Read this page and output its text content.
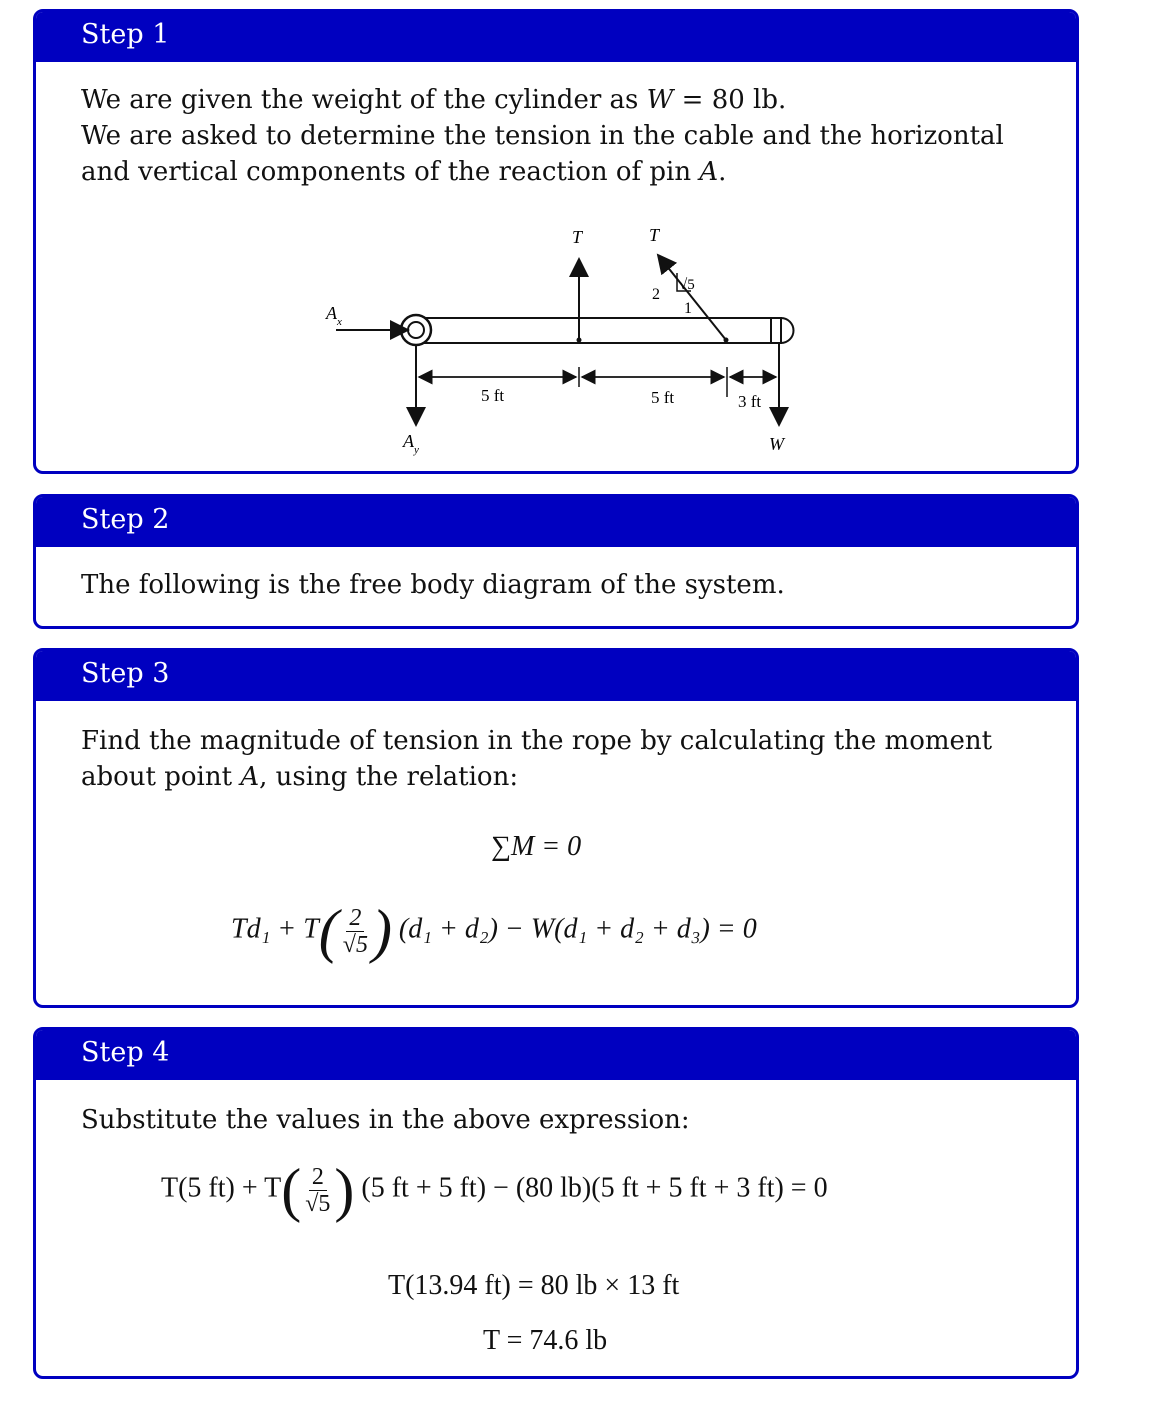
Step 1

We are given the weight of the cylinder as W = 80 lb.

We are asked to determine the tension in the cable and the horizontal and vertical components of the reaction of pin A.

$A_x$
$A_y$
T	T
√5
2
1
W
5 ft	5 ft	3 ft
Step 2

The following is the free body diagram of the system.

Step 3

Find the magnitude of tension in the rope by calculating the moment about point A, using the relation:

∑M = 0
$Td_1 + T( \frac{2}{√5}$ ) (d₁ + d₂) − W(d₁ + d₂ + d₃) = 0
Step 4

Substitute the values in the above expression:

T(5 $ft) + T( \frac{2}{√5}$ ) (5 ft + 5 ft) − (80 lb)(5 ft + 5 ft + 3 ft) = 0
T(13.94 ft) = 80 lb × 13 ft
T = 74.6 lb
